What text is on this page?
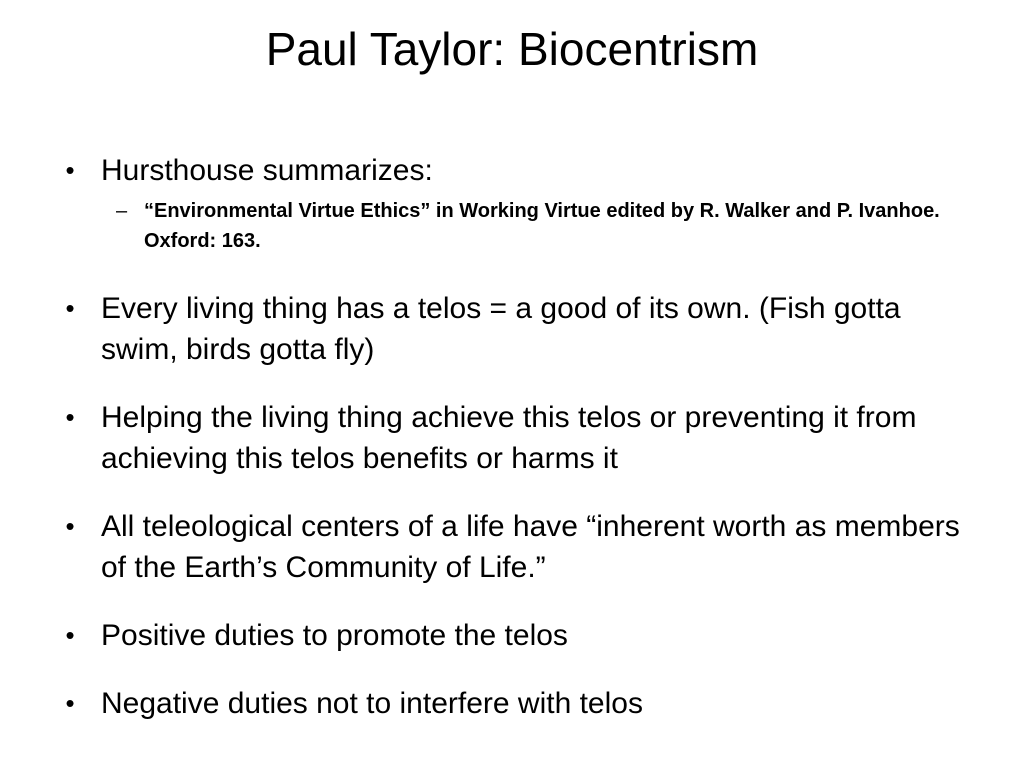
Paul Taylor: Biocentrism
• Hursthouse summarizes:
– “Environmental Virtue Ethics” in Working Virtue edited by R. Walker and P. Ivanhoe. Oxford: 163.
• Every living thing has a telos = a good of its own. (Fish gotta swim, birds gotta fly)
• Helping the living thing achieve this telos or preventing it from achieving this telos benefits or harms it
• All teleological centers of a life have “inherent worth as members of the Earth’s Community of Life.”
• Positive duties to promote the telos
• Negative duties not to interfere with telos
